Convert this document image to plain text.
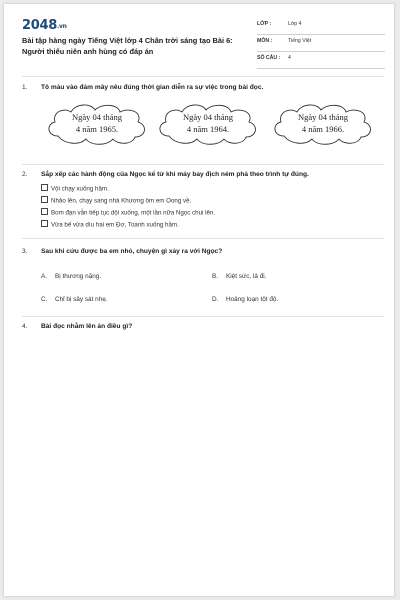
2048.vn
Bài tập hàng ngày Tiếng Việt lớp 4 Chân trời sáng tạo Bài 6: Người thiếu niên anh hùng có đáp án
LỚP :	Lớp 4
MÔN :	Tiếng Việt
SỐ CÂU : 4
1. Tô màu vào đám mây nêu đúng thời gian diễn ra sự việc trong bài đọc.
Ngày 04 tháng
4 năm 1965.
Ngày 04 tháng
4 năm 1964.
Ngày 04 tháng
4 năm 1966.
2. Sắp xếp các hành động của Ngọc kể từ khi máy bay địch ném phá theo trình tự đúng.
Vội chạy xuống hầm.
Nhảo lên, chạy sang nhà Khương ôm em Oong về.
Bom đạn vẫn tiếp tục dội xuống, một lần nữa Ngọc chui lên.
Vừa bế vừa dìu hai em Đơ, Toanh xuống hầm.
3. Sau khi cứu được ba em nhỏ, chuyện gì xảy ra với Ngọc?
A. Bị thương nặng.	B. Kiệt sức, lả đi.
C. Chỉ bị sây sát nhẹ.	D. Hoảng loạn tột độ.
4. Bài đọc nhằm lên án điều gì?
